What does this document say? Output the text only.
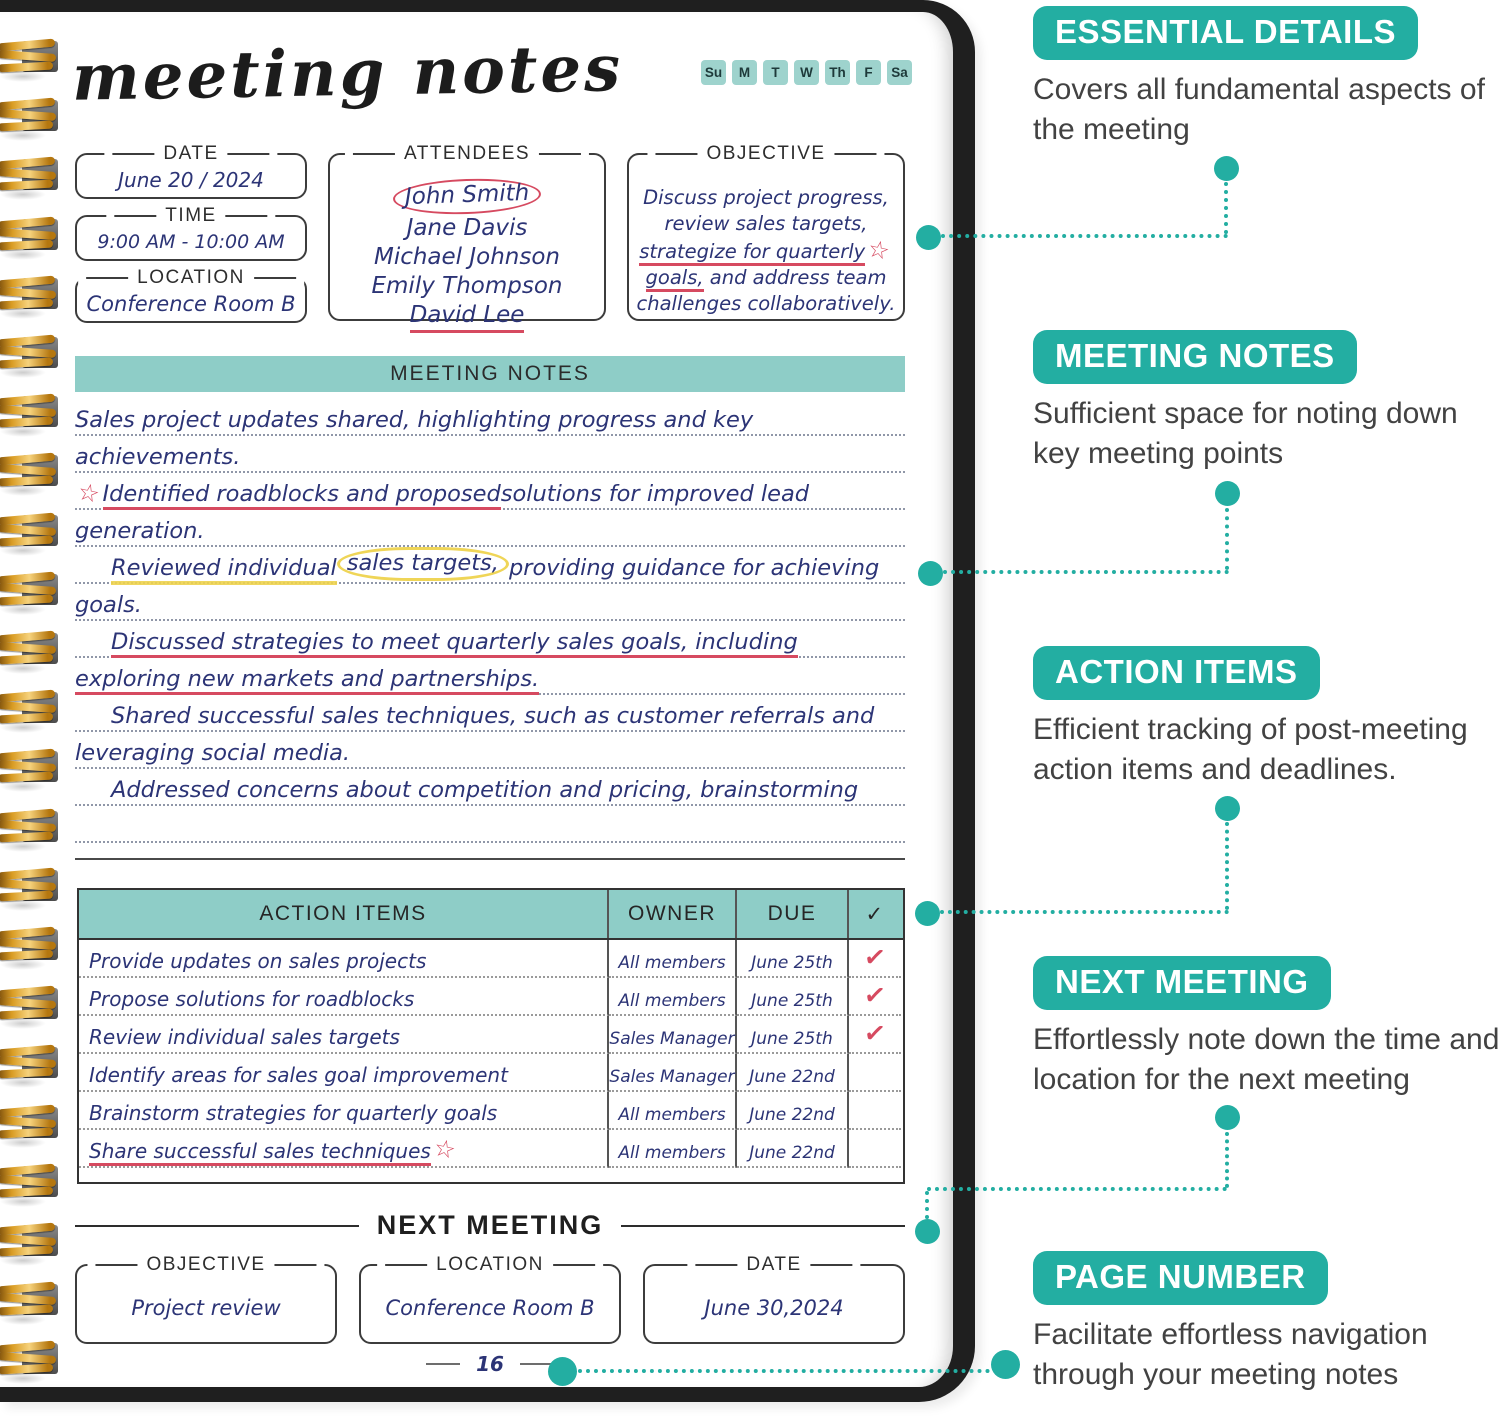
meeting notes	Su	M	T	W	Th	F	Sa
DATE
June 20 / 2024
TIME
9:00 AM - 10:00 AM
LOCATION
Conference Room B
ATTENDEES
John Smith
Jane Davis
Michael Johnson
Emily Thompson
David Lee
OBJECTIVE
Discuss project progress,
review sales targets,
strategize for quarterly☆
goals, and address team
challenges collaboratively.
MEETING NOTES
Sales project updates shared, highlighting progress and key
achievements.
☆ Identified roadblocks and proposed solutions for improved lead
generation.
Reviewed individual sales targets, providing guidance for achieving
goals.
Discussed strategies to meet quarterly sales goals, including
exploring new markets and partnerships.
Shared successful sales techniques, such as customer referrals and
leveraging social media.
Addressed concerns about competition and pricing, brainstorming
ACTION ITEMS	OWNER	DUE	✓
Provide updates on sales projects	All members	June 25th	✓
Propose solutions for roadblocks	All members	June 25th	✓
Review individual sales targets	Sales Manager June 25th	✓
Identify areas for sales goal improvement	Sales Manager June 22nd
Brainstorm strategies for quarterly goals	All members	June 22nd
Share successful sales techniques ☆	All members	June 22nd
NEXT MEETING
OBJECTIVE
Project review
LOCATION
Conference Room B
DATE
June 30,2024
16
ESSENTIAL DETAILS
Covers all fundamental aspects of the meeting
MEETING NOTES
Sufficient space for noting down key meeting points
ACTION ITEMS
Efficient tracking of post-meeting action items and deadlines.
NEXT MEETING
Effortlessly note down the time and location for the next meeting
PAGE NUMBER
Facilitate effortless navigation through your meeting notes
